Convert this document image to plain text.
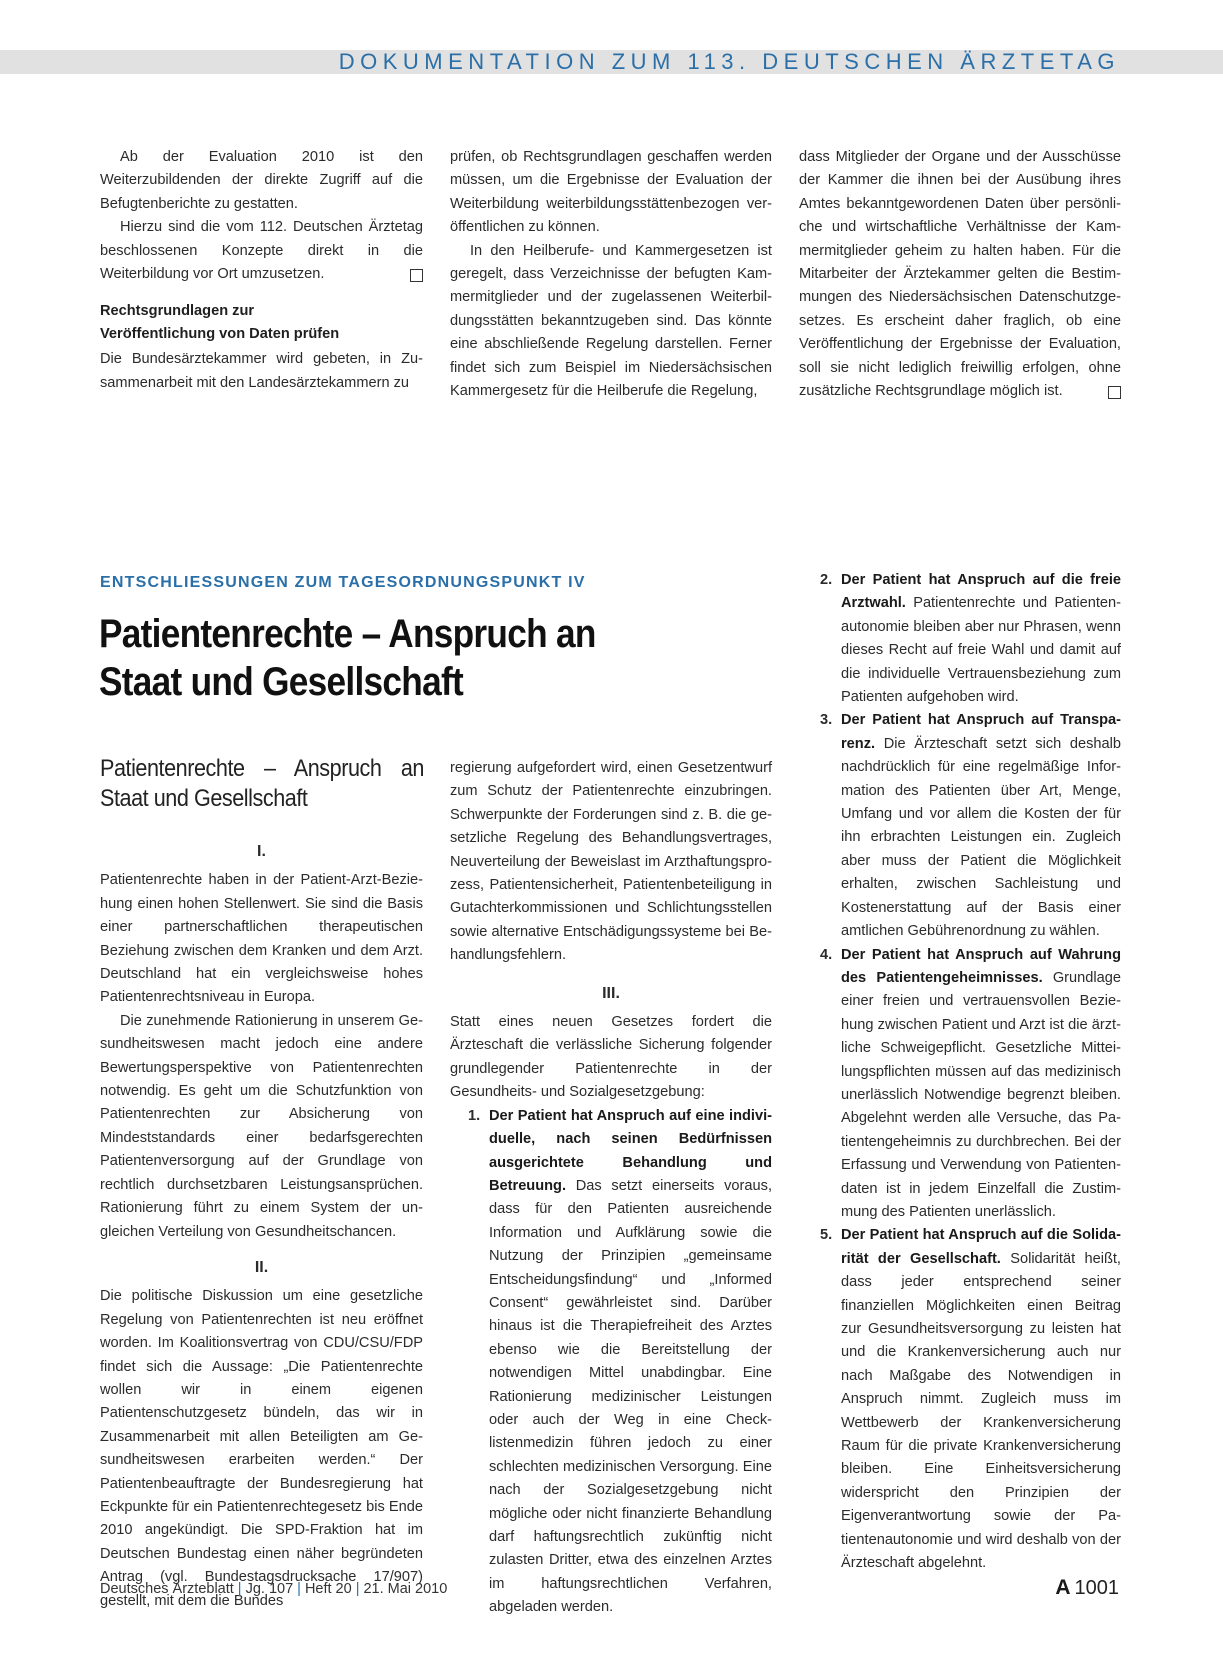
DOKUMENTATION ZUM 113. DEUTSCHEN ÄRZTETAG

Ab der Evaluation 2010 ist den Weiterzubildenden der direkte Zugriff auf die Befugtenberichte zu gestatten.

Hierzu sind die vom 112. Deutschen Ärztetag beschlossenen Konzepte direkt in die Weiterbildung vor Ort umzusetzen.

Rechtsgrundlagen zur
Veröffentlichung von Daten prüfen

Die Bundesärztekammer wird gebeten, in Zusammenarbeit mit den Landesärztekammern zu

prüfen, ob Rechtsgrundlagen geschaffen werden müssen, um die Ergebnisse der Evaluation der Weiterbildung weiterbildungsstättenbezogen veröffentlichen zu können.

In den Heilberufe- und Kammergesetzen ist geregelt, dass Verzeichnisse der befugten Kammermitglieder und der zugelassenen Weiterbildungsstätten bekanntzugeben sind. Das könnte eine abschließende Regelung darstellen. Ferner findet sich zum Beispiel im Niedersächsischen Kammergesetz für die Heilberufe die Regelung,

dass Mitglieder der Organe und der Ausschüsse der Kammer die ihnen bei der Ausübung ihres Amtes bekanntgewordenen Daten über persönliche und wirtschaftliche Verhältnisse der Kammermitglieder geheim zu halten haben. Für die Mitarbeiter der Ärztekammer gelten die Bestimmungen des Niedersächsischen Datenschutzgesetzes. Es erscheint daher fraglich, ob eine Veröffentlichung der Ergebnisse der Evaluation, soll sie nicht lediglich freiwillig erfolgen, ohne zusätzliche Rechtsgrundlage möglich ist.

ENTSCHLIESSUNGEN ZUM TAGESORDNUNGSPUNKT IV
Patientenrechte – Anspruch an Staat und Gesellschaft
Patientenrechte – Anspruch an Staat und Gesellschaft
I.

Patientenrechte haben in der Patient-Arzt-Beziehung einen hohen Stellenwert. Sie sind die Basis einer partnerschaftlichen therapeutischen Beziehung zwischen dem Kranken und dem Arzt. Deutschland hat ein vergleichsweise hohes Patientenrechtsniveau in Europa.

Die zunehmende Rationierung in unserem Gesundheitswesen macht jedoch eine andere Bewertungsperspektive von Patientenrechten notwendig. Es geht um die Schutzfunktion von Patientenrechten zur Absicherung von Mindeststandards einer bedarfsgerechten Patientenversorgung auf der Grundlage von rechtlich durchsetzbaren Leistungsansprüchen. Rationierung führt zu einem System der ungleichen Verteilung von Gesundheitschancen.

II.

Die politische Diskussion um eine gesetzliche Regelung von Patientenrechten ist neu eröffnet worden. Im Koalitionsvertrag von CDU/CSU/FDP findet sich die Aussage: „Die Patientenrechte wollen wir in einem eigenen Patientenschutzgesetz bündeln, das wir in Zusammenarbeit mit allen Beteiligten am Gesundheitswesen erarbeiten werden.“ Der Patientenbeauftragte der Bundesregierung hat Eckpunkte für ein Patientenrechtegesetz bis Ende 2010 angekündigt. Die SPD-Fraktion hat im Deutschen Bundestag einen näher begründeten Antrag (vgl. Bundestagsdrucksache 17/907) gestellt, mit dem die Bundes

regierung aufgefordert wird, einen Gesetzentwurf zum Schutz der Patientenrechte einzubringen. Schwerpunkte der Forderungen sind z. B. die gesetzliche Regelung des Behandlungsvertrages, Neuverteilung der Beweislast im Arzthaftungsprozess, Patientensicherheit, Patientenbeteiligung in Gutachterkommissionen und Schlichtungsstellen sowie alternative Entschädigungssysteme bei Behandlungsfehlern.

III.

Statt eines neuen Gesetzes fordert die Ärzteschaft die verlässliche Sicherung folgender grundlegender Patientenrechte in der Gesundheits- und Sozialgesetzgebung:

1. Der Patient hat Anspruch auf eine individuelle, nach seinen Bedürfnissen ausgerichtete Behandlung und Betreuung. Das setzt einerseits voraus, dass für den Patienten ausreichende Information und Aufklärung sowie die Nutzung der Prinzipien „gemeinsame Entscheidungsfindung“ und „Informed Consent“ gewährleistet sind. Darüber hinaus ist die Therapiefreiheit des Arztes ebenso wie die Bereitstellung der notwendigen Mittel unabdingbar. Eine Rationierung medizinischer Leistungen oder auch der Weg in eine Checklistenmedizin führen jedoch zu einer schlechten medizinischen Versorgung. Eine nach der Sozialgesetzgebung nicht mögliche oder nicht finanzierte Behandlung darf haftungsrechtlich zukünftig nicht zulasten Dritter, etwa des einzelnen Arztes im haftungsrechtlichen Verfahren, abgeladen werden.
2. Der Patient hat Anspruch auf die freie Arztwahl. Patientenrechte und Patientenautonomie bleiben aber nur Phrasen, wenn dieses Recht auf freie Wahl und damit auf die individuelle Vertrauensbeziehung zum Patienten aufgehoben wird.
3. Der Patient hat Anspruch auf Transparenz. Die Ärzteschaft setzt sich deshalb nachdrücklich für eine regelmäßige Information des Patienten über Art, Menge, Umfang und vor allem die Kosten der für ihn erbrachten Leistungen ein. Zugleich aber muss der Patient die Möglichkeit erhalten, zwischen Sachleistung und Kostenerstattung auf der Basis einer amtlichen Gebührenordnung zu wählen.
4. Der Patient hat Anspruch auf Wahrung des Patientengeheimnisses. Grundlage einer freien und vertrauensvollen Beziehung zwischen Patient und Arzt ist die ärztliche Schweigepflicht. Gesetzliche Mitteilungspflichten müssen auf das medizinisch unerlässlich Notwendige begrenzt bleiben. Abgelehnt werden alle Versuche, das Patientengeheimnis zu durchbrechen. Bei der Erfassung und Verwendung von Patientendaten ist in jedem Einzelfall die Zustimmung des Patienten unerlässlich.
5. Der Patient hat Anspruch auf die Solidarität der Gesellschaft. Solidarität heißt, dass jeder entsprechend seiner finanziellen Möglichkeiten einen Beitrag zur Gesundheitsversorgung zu leisten hat und die Krankenversicherung auch nur nach Maßgabe des Notwendigen in Anspruch nimmt. Zugleich muss im Wettbewerb der Krankenversicherung Raum für die private Krankenversicherung bleiben. Eine Einheitsversicherung widerspricht den Prinzipien der Eigenverantwortung sowie der Patientenautonomie und wird deshalb von der Ärzteschaft abgelehnt.
Deutsches Ärzteblatt | Jg. 107 | Heft 20 | 21. Mai 2010	A 1001
